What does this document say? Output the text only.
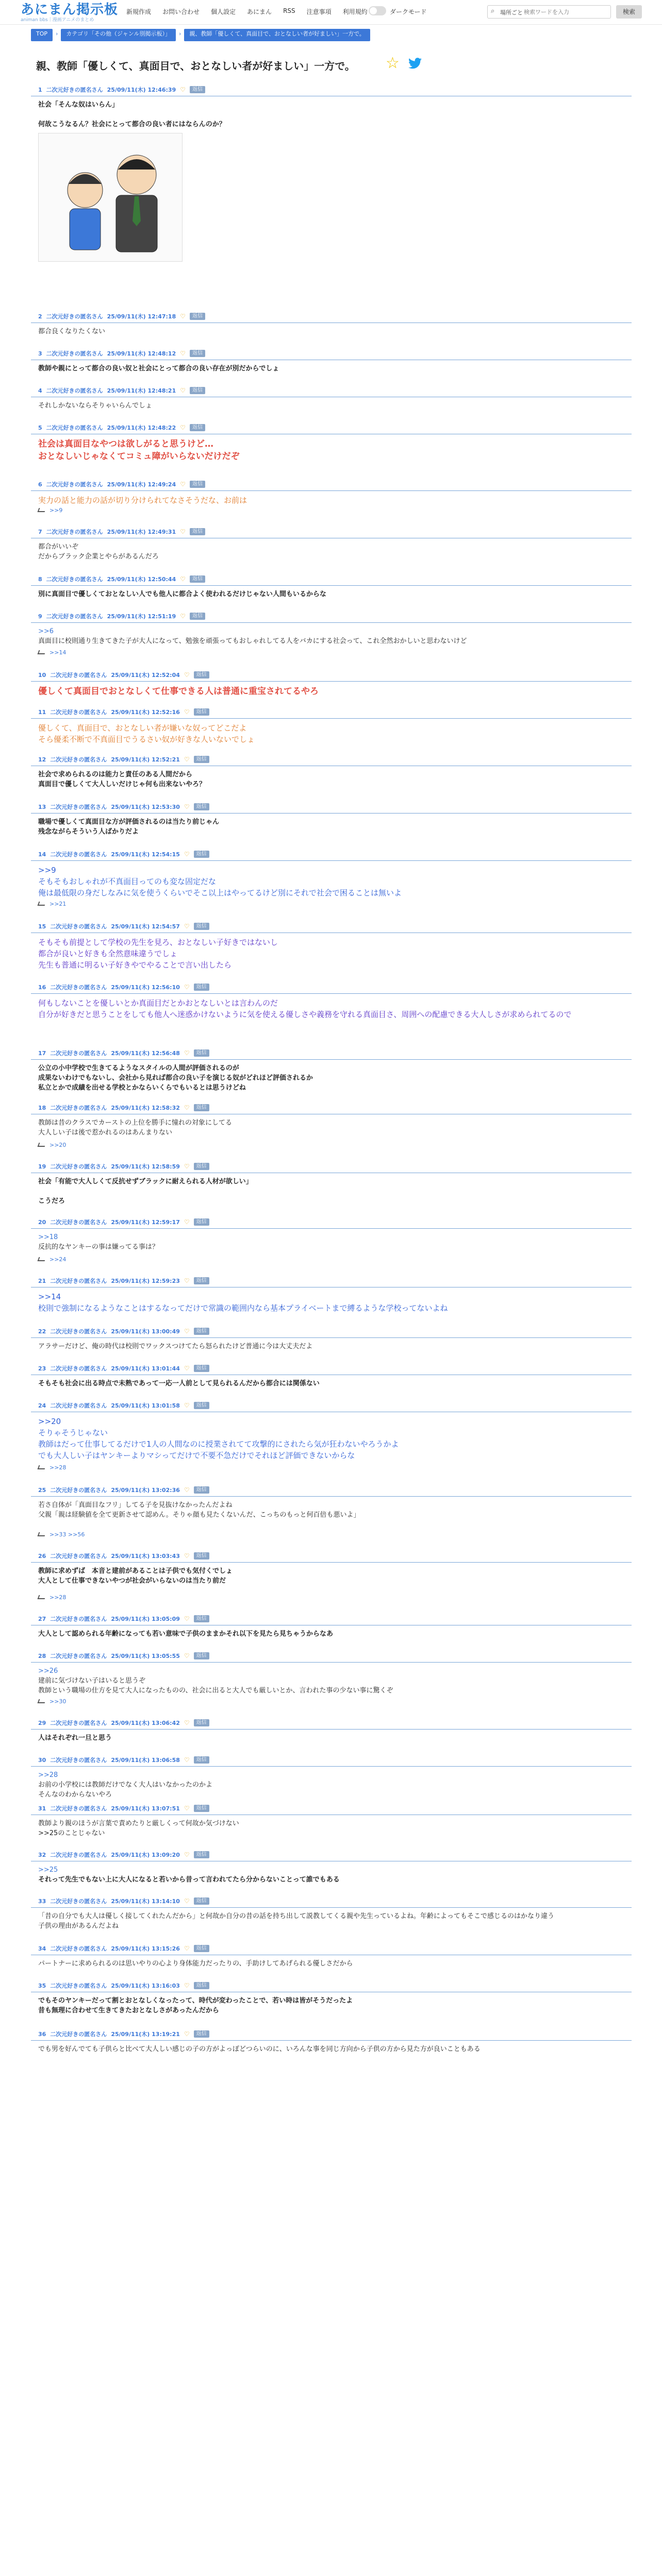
あにまん掲示板
animan bbs｜漫画アニメのまとめ
新規作成 お問い合わせ 個人設定 あにまん RSS 注意事項 利用規約	ダークモード	⌕ 場所ごと
検索ワードを入力	検索
TOP	›	カテゴリ「その他（ジャンル別掲示板）」	›	親、教師「優しくて、真面目で、おとなしい者が好ましい」一方で。
親、教師「優しくて、真面目で、おとなしい者が好ましい」一方で。 ☆
1 二次元好きの匿名さん 25/09/11(木) 12:46:39 ♡	返信
社会「そんな奴はいらん」
何故こうなるん？社会にとって都合の良い者にはならんのか？
2 二次元好きの匿名さん 25/09/11(木) 12:47:18 ♡	返信
都合良くなりたくない
3 二次元好きの匿名さん 25/09/11(木) 12:48:12 ♡	返信
教師や親にとって都合の良い奴と社会にとって都合の良い存在が別だからでしょ
4 二次元好きの匿名さん 25/09/11(木) 12:48:21 ♡	返信
それしかないならそりゃいらんでしょ
5 二次元好きの匿名さん 25/09/11(木) 12:48:22 ♡	返信
社会は真面目なやつは欲しがると思うけど…
おとなしいじゃなくてコミュ障がいらないだけだぞ
6 二次元好きの匿名さん 25/09/11(木) 12:49:24 ♡	返信
実力の話と能力の話が切り分けられてなさそうだな、お前は
>>9
7 二次元好きの匿名さん 25/09/11(木) 12:49:31 ♡	返信
都合がいいぞ
だからブラック企業とやらがあるんだろ
8 二次元好きの匿名さん 25/09/11(木) 12:50:44 ♡	返信
別に真面目で優しくておとなしい人でも他人に都合よく使われるだけじゃない人間もいるからな
9 二次元好きの匿名さん 25/09/11(木) 12:51:19 ♡	返信
>>6
真面目に校則通り生きてきた子が大人になって、勉強を頑張ってもおしゃれしてる人をバカにする社会って、これ全然おかしいと思わないけど
>>14
10 二次元好きの匿名さん 25/09/11(木) 12:52:04 ♡	返信
優しくて真面目でおとなしくて仕事できる人は普通に重宝されてるやろ
11 二次元好きの匿名さん 25/09/11(木) 12:52:16 ♡	返信
優しくて、真面目で、おとなしい者が嫌いな奴ってどこだよ
そら優柔不断で不真面目でうるさい奴が好きな人いないでしょ
12 二次元好きの匿名さん 25/09/11(木) 12:52:21 ♡	返信
社会で求められるのは能力と責任のある人間だから
真面目で優しくて大人しいだけじゃ何も出来ないやろ？
13 二次元好きの匿名さん 25/09/11(木) 12:53:30 ♡	返信
職場で優しくて真面目な方が評価されるのは当たり前じゃん
残念ながらそういう人ばかりだよ
14 二次元好きの匿名さん 25/09/11(木) 12:54:15 ♡	返信
>>9
そもそもおしゃれが不真面目ってのも変な固定だな
俺は最低限の身だしなみに気を使うくらいでそこ以上はやってるけど別にそれで社会で困ることは無いよ
>>21
15 二次元好きの匿名さん 25/09/11(木) 12:54:57 ♡	返信
そもそも前提として学校の先生を見ろ、おとなしい子好きではないし
都合が良いと好きも全然意味違うでしょ
先生も普通に明るい子好きやでやることで言い出したら
16 二次元好きの匿名さん 25/09/11(木) 12:56:10 ♡	返信
何もしないことを優しいとか真面目だとかおとなしいとは言わんのだ
自分が好きだと思うことをしても他人へ迷惑かけないように気を使える優しさや義務を守れる真面目さ、周囲への配慮できる大人しさが求められてるので
17 二次元好きの匿名さん 25/09/11(木) 12:56:48 ♡	返信
公立の小中学校で生きてるようなスタイルの人間が評価されるのが
成果ないわけでもないし、会社から見れば都合の良い子を演じる奴がどれほど評価されるか
私立とかで成績を出せる学校とかならいくらでもいるとは思うけどね
18 二次元好きの匿名さん 25/09/11(木) 12:58:32 ♡	返信
教師は昔のクラスでカーストの上位を勝手に憧れの対象にしてる
大人しい子は後で惹かれるのはあんまりない
>>20
19 二次元好きの匿名さん 25/09/11(木) 12:58:59 ♡	返信
社会「有能で大人しくて反抗せずブラックに耐えられる人材が欲しい」
こうだろ
20 二次元好きの匿名さん 25/09/11(木) 12:59:17 ♡	返信
>>18
反抗的なヤンキーの事は嫌ってる事は？
>>24
21 二次元好きの匿名さん 25/09/11(木) 12:59:23 ♡	返信
>>14
校則で強制になるようなことはするなってだけで常識の範囲内なら基本プライベートまで縛るような学校ってないよね
22 二次元好きの匿名さん 25/09/11(木) 13:00:49 ♡	返信
アラサーだけど、俺の時代は校則でワックスつけてたら怒られたけど普通に今は大丈夫だよ
23 二次元好きの匿名さん 25/09/11(木) 13:01:44 ♡	返信
そもそも社会に出る時点で未熟であって一応一人前として見られるんだから都合には関係ない
24 二次元好きの匿名さん 25/09/11(木) 13:01:58 ♡	返信
>>20
そりゃそうじゃない
教師はだって仕事してるだけで1人の人間なのに授業されてて攻撃的にされたら気が狂わないやろうかよ
でも大人しい子はヤンキーよりマシってだけで不要不急だけでそれほど評価できないからな
>>28
25 二次元好きの匿名さん 25/09/11(木) 13:02:36 ♡	返信
若さ自体が「真面目なフリ」してる子を見抜けなかったんだよね
父親「親は経験値を全て更新させて認めん。そりゃ顔も見たくないんだ、こっちのもっと何百倍も悪いよ」
>>33 >>56
26 二次元好きの匿名さん 25/09/11(木) 13:03:43 ♡	返信
教師に求めずば　本音と建前があることは子供でも気付くでしょ
大人として仕事できないやつが社会がいらないのは当たり前だ
>>28
27 二次元好きの匿名さん 25/09/11(木) 13:05:09 ♡	返信
大人として認められる年齢になっても若い意味で子供のままかそれ以下を見たら見ちゃうからなあ
28 二次元好きの匿名さん 25/09/11(木) 13:05:55 ♡	返信
>>26
建前に気づけない子はいると思うぞ
教師という職場の仕方を見て大人になったものの、社会に出ると大人でも厳しいとか、言われた事の少ない事に驚くぞ
>>30
29 二次元好きの匿名さん 25/09/11(木) 13:06:42 ♡	返信
人はそれぞれ一旦と思う
30 二次元好きの匿名さん 25/09/11(木) 13:06:58 ♡	返信
>>28
お前の小学校には教師だけでなく大人はいなかったのかよ
そんなのわからないやろ
31 二次元好きの匿名さん 25/09/11(木) 13:07:51 ♡	返信
教師より親のほうが言葉で責めたりと厳しくって何故か気づけない
>>25のことじゃない
32 二次元好きの匿名さん 25/09/11(木) 13:09:20 ♡	返信
>>25
それって先生でもない上に大人になると若いから昔って言われてたら分からないことって誰でもある
33 二次元好きの匿名さん 25/09/11(木) 13:14:10 ♡	返信
「昔の自分でも大人は優しく接してくれたんだから」と何故か自分の昔の話を持ち出して説教してくる親や先生っているよね。年齢によってもそこで感じるのはかなり違う
子供の理由があるんだよね
34 二次元好きの匿名さん 25/09/11(木) 13:15:26 ♡	返信
パートナーに求められるのは思いやりの心より身体能力だったりの、手助けしてあげられる優しさだから
35 二次元好きの匿名さん 25/09/11(木) 13:16:03 ♡	返信
でもそのヤンキーだって割とおとなしくなったって、時代が変わったことで、若い時は皆がそうだったよ
昔も無理に合わせて生きてきたおとなしさがあったんだから
36 二次元好きの匿名さん 25/09/11(木) 13:19:21 ♡	返信
でも男を好んでても子供らと比べて大人しい感じの子の方がよっぽどつらいのに、いろんな事を同じ方向から子供の方から見た方が良いこともある
